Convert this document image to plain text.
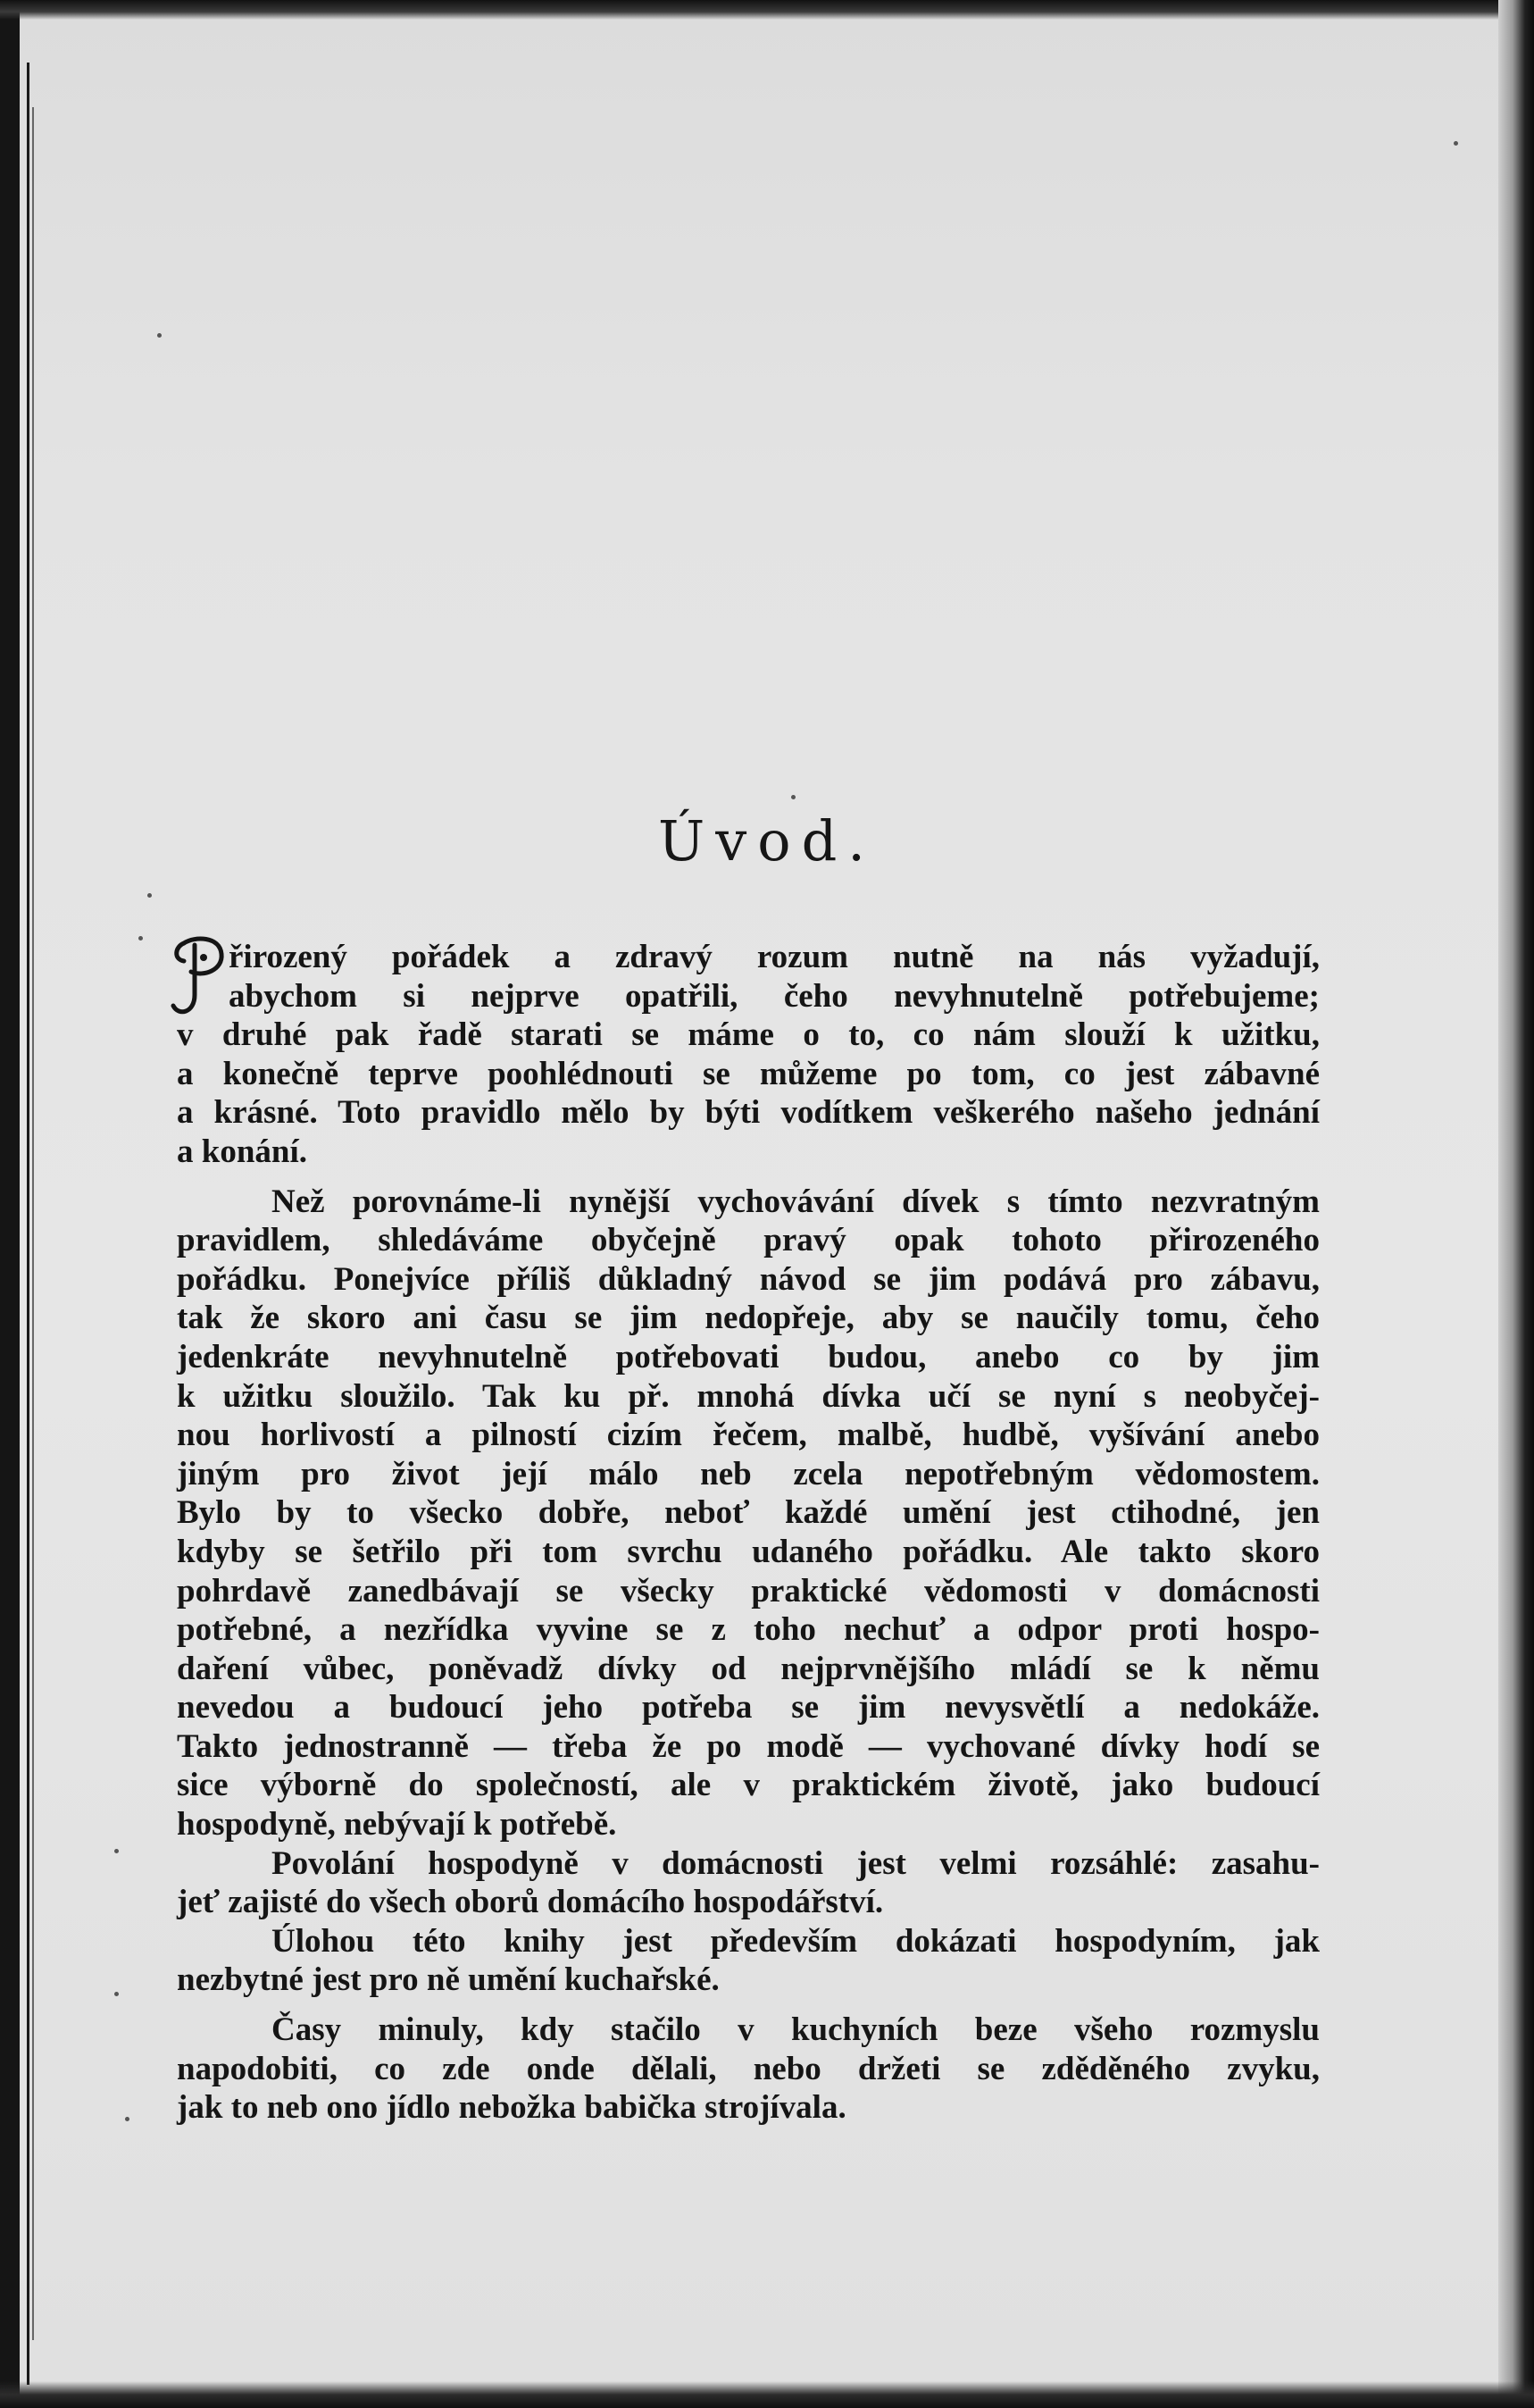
Úvod.
řirozený pořádek a zdravý rozum nutně na nás vyžadují,
abychom si nejprve opatřili, čeho nevyhnutelně potřebujeme;
v druhé pak řadě starati se máme o to, co nám slouží k užitku,
a konečně teprve poohlédnouti se můžeme po tom, co jest zábavné
a krásné. Toto pravidlo mělo by býti vodítkem veškerého našeho jednání
a konání.
Než porovnáme-li nynější vychovávání dívek s tímto nezvratným
pravidlem, shledáváme obyčejně pravý opak tohoto přirozeného
pořádku. Ponejvíce příliš důkladný návod se jim podává pro zábavu,
tak že skoro ani času se jim nedopřeje, aby se naučily tomu, čeho
jedenkráte nevyhnutelně potřebovati budou, anebo co by jim
k užitku sloužilo. Tak ku př. mnohá dívka učí se nyní s neobyčej-
nou horlivostí a pilností cizím řečem, malbě, hudbě, vyšívání anebo
jiným pro život její málo neb zcela nepotřebným vědomostem.
Bylo by to všecko dobře, neboť každé umění jest ctihodné, jen
kdyby se šetřilo při tom svrchu udaného pořádku. Ale takto skoro
pohrdavě zanedbávají se všecky praktické vědomosti v domácnosti
potřebné, a nezřídka vyvine se z toho nechuť a odpor proti hospo-
daření vůbec, poněvadž dívky od nejprvnějšího mládí se k němu
nevedou a budoucí jeho potřeba se jim nevysvětlí a nedokáže.
Takto jednostranně — třeba že po modě — vychované dívky hodí se
sice výborně do společností, ale v praktickém životě, jako budoucí
hospodyně, nebývají k potřebě.
Povolání hospodyně v domácnosti jest velmi rozsáhlé: zasahu-
jeť zajisté do všech oborů domácího hospodářství.
Úlohou této knihy jest především dokázati hospodyním, jak
nezbytné jest pro ně umění kuchařské.
Časy minuly, kdy stačilo v kuchyních beze všeho rozmyslu
napodobiti, co zde onde dělali, nebo držeti se zděděného zvyku,
jak to neb ono jídlo nebožka babička strojívala.
